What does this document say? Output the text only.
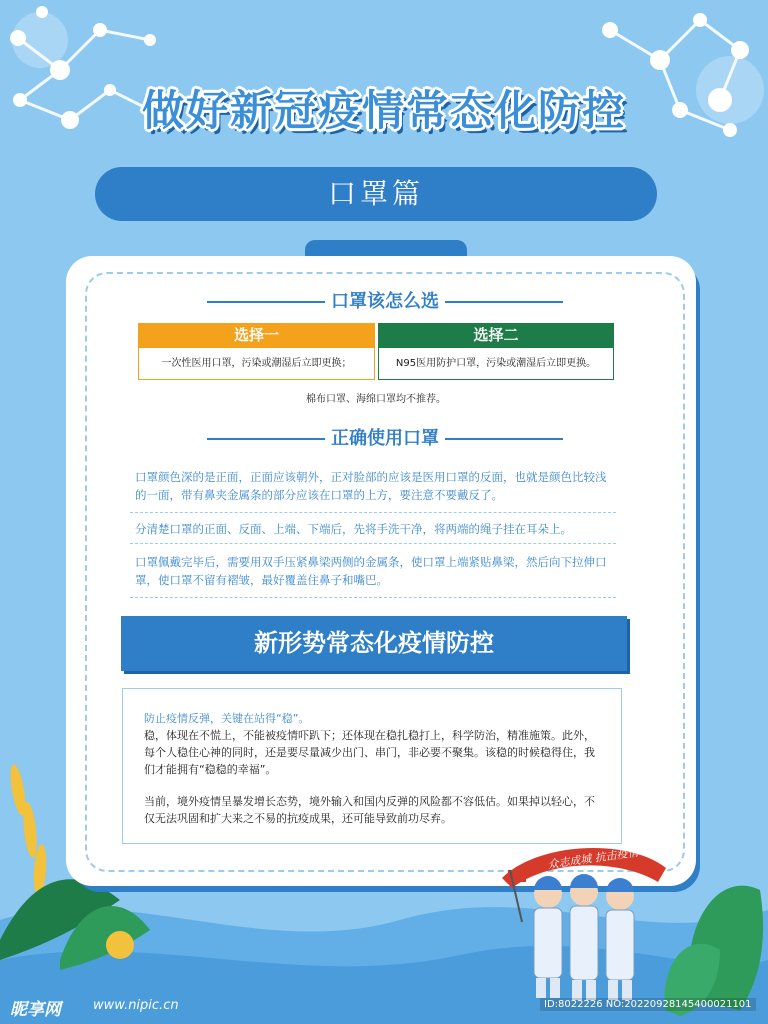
做好新冠疫情常态化防控
口罩篇
口罩该怎么选
选择一
一次性医用口罩，污染或潮湿后立即更换；
选择二
N95医用防护口罩，污染或潮湿后立即更换。
棉布口罩、海绵口罩均不推荐。
正确使用口罩
口罩颜色深的是正面，正面应该朝外，正对脸部的应该是医用口罩的反面，也就是颜色比较浅的一面，带有鼻夹金属条的部分应该在口罩的上方，要注意不要戴反了。
分清楚口罩的正面、反面、上端、下端后，先将手洗干净，将两端的绳子挂在耳朵上。
口罩佩戴完毕后，需要用双手压紧鼻梁两侧的金属条，使口罩上端紧贴鼻梁，然后向下拉伸口罩，使口罩不留有褶皱，最好覆盖住鼻子和嘴巴。
新形势常态化疫情防控
防止疫情反弹，关键在站得“稳”。
稳，体现在不慌上，不能被疫情吓趴下；还体现在稳扎稳打上，科学防治，精准施策。此外，每个人稳住心神的同时，还是要尽量减少出门、串门，非必要不聚集。该稳的时候稳得住，我们才能拥有“稳稳的幸福”。
当前，境外疫情呈暴发增长态势，境外输入和国内反弹的风险都不容低估。如果掉以轻心，不仅无法巩固和扩大来之不易的抗疫成果，还可能导致前功尽弃。
众志成城 抗击疫情
昵享网 www.nipic.cn	ID:8022226 NO:20220928145400021101
